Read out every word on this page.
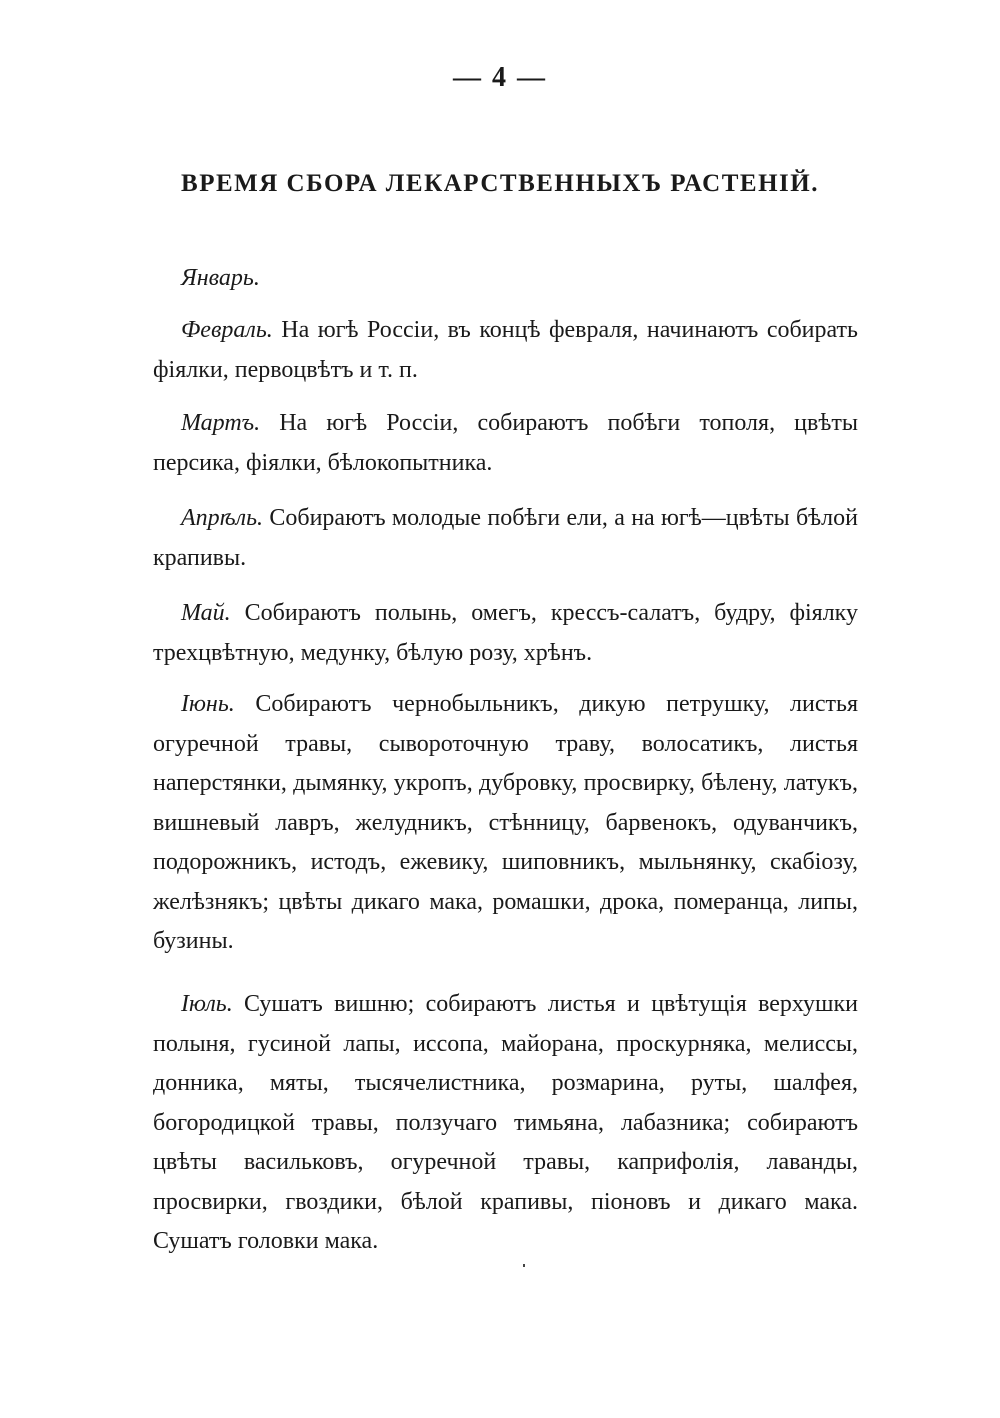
— 4 —
ВРЕМЯ СБОРА ЛЕКАРСТВЕННЫХЪ РАСТЕНІЙ.
Январь.
Февраль. На югѣ Россіи, въ концѣ февраля, начинаютъ собирать фіялки, первоцвѣтъ и т. п.
Мартъ. На югѣ Россіи, собираютъ побѣги тополя, цвѣты персика, фіялки, бѣлокопытника.
Апрѣль. Собираютъ молодые побѣги ели, а на югѣ—цвѣты бѣлой крапивы.
Май. Собираютъ полынь, омегъ, крессъ-салатъ, будру, фіялку трехцвѣтную, медунку, бѣлую розу, хрѣнъ.
Іюнь. Собираютъ чернобыльникъ, дикую петрушку, листья огуречной травы, сывороточную траву, волосатикъ, листья наперстянки, дымянку, укропъ, дубровку, просвирку, бѣлену, латукъ, вишневый лавръ, желудникъ, стѣнницу, барвенокъ, одуванчикъ, подорожникъ, истодъ, ежевику, шиповникъ, мыльнянку, скабіозу, желѣзнякъ; цвѣты дикаго мака, ромашки, дрока, померанца, липы, бузины.
Іюль. Сушатъ вишню; собираютъ листья и цвѣтущія верхушки полыня, гусиной лапы, иссопа, майорана, проскурняка, мелиссы, донника, мяты, тысячелистника, розмарина, руты, шалфея, богородицкой травы, ползучаго тимьяна, лабазника; собираютъ цвѣты васильковъ, огуречной травы, каприфолія, лаванды, просвирки, гвоздики, бѣлой крапивы, піоновъ и дикаго мака. Сушатъ головки мака.
